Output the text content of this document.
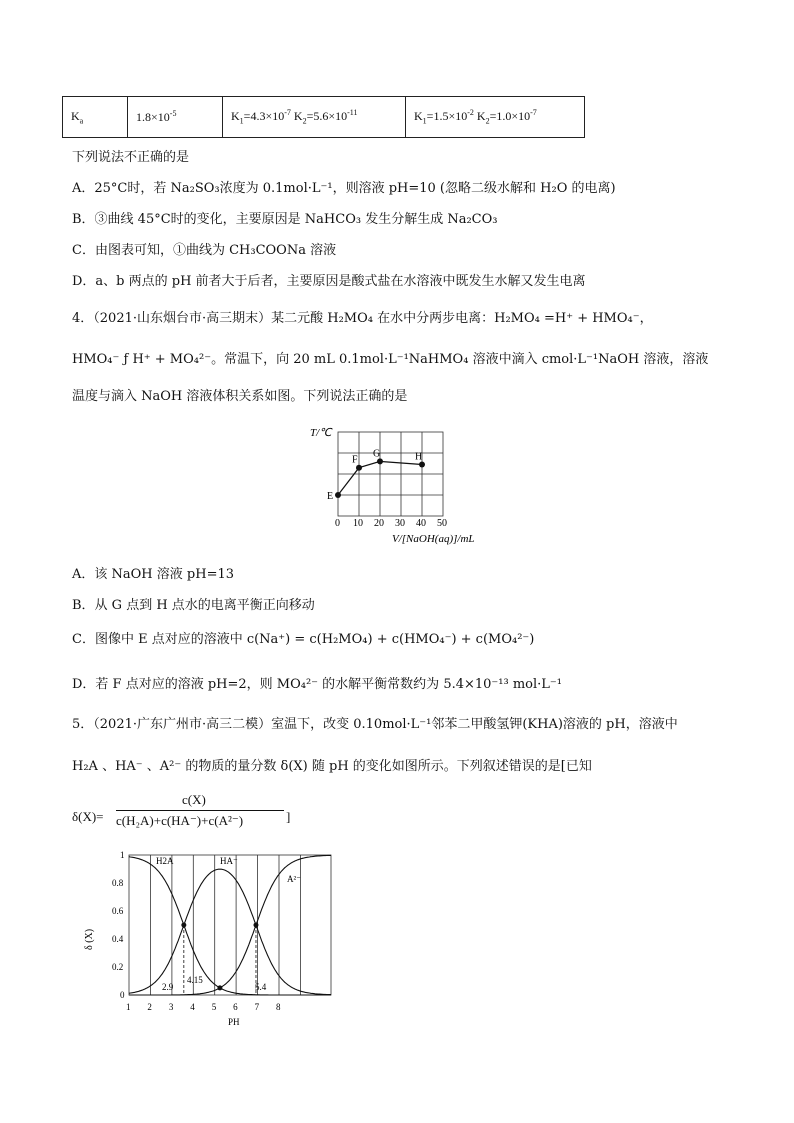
$K_a$	$1.8\times 10^{-5}$	$K_1=4.3\times 10^{-7}$ $K_2=5.6\times 10^{-11}$	$K_1=1.5\times 10^{-2}$ $K_2=1.0\times 10^{-7}$
下列说法不正确的是
A．25°C时，若 Na₂SO₃浓度为 0.1mol·L⁻¹，则溶液 pH=10 (忽略二级水解和 H₂O 的电离)
B．③曲线 45°C时的变化，主要原因是 NaHCO₃ 发生分解生成 Na₂CO₃
C．由图表可知，①曲线为 CH₃COONa 溶液
D．a、b 两点的 pH 前者大于后者，主要原因是酸式盐在水溶液中既发生水解又发生电离
4．（2021·山东烟台市·高三期末）某二元酸 H₂MO₄ 在水中分两步电离：H₂MO₄ =H⁺ + HMO₄⁻，
HMO₄⁻ ƒ H⁺ + MO₄²⁻。常温下，向 20 mL 0.1mol·L⁻¹NaHMO₄ 溶液中滴入 cmol·L⁻¹NaOH 溶液，溶液
温度与滴入 NaOH 溶液体积关系如图。下列说法正确的是
T/℃
E
F
G	H
0 10 20 30 40 50
V/[NaOH(aq)]/mL
A．该 NaOH 溶液 pH=13
B．从 G 点到 H 点水的电离平衡正向移动
C．图像中 E 点对应的溶液中 c(Na⁺) = c(H₂MO₄) + c(HMO₄⁻) + c(MO₄²⁻)
D．若 F 点对应的溶液 pH=2，则 MO₄²⁻ 的水解平衡常数约为 5.4×10⁻¹³ mol·L⁻¹
5．（2021·广东广州市·高三二模）室温下，改变 0.10mol·L⁻¹邻苯二甲酸氢钾(KHA)溶液的 pH，溶液中
H₂A 、HA⁻ 、A²⁻ 的物质的量分数 δ(X) 随 pH 的变化如图所示。下列叙述错误的是[已知
δ(X)=
c(X)
c(H₂A)+c(HA⁻)+c(A²⁻)	]
δ (X)
0
0.2
0.4
0.6
0.8
1
1 2 3 4 5 6 7 8
PH
H2A	HA⁻
A²⁻
2.9
4.15
5.4
